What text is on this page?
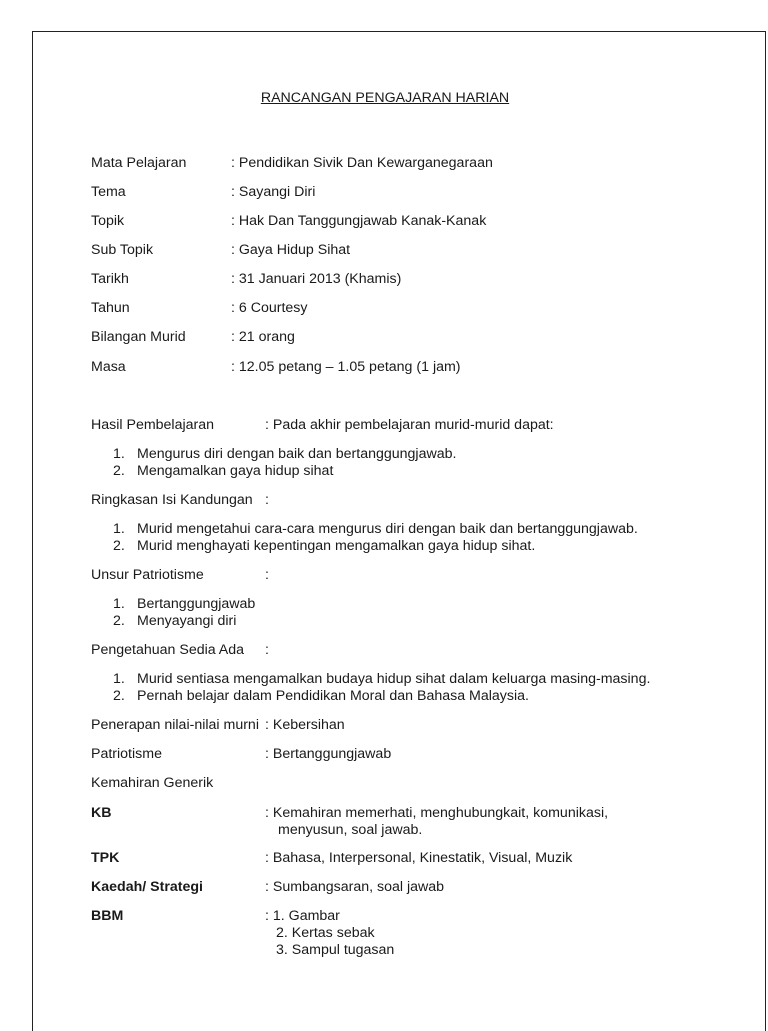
RANCANGAN PENGAJARAN HARIAN
Mata Pelajaran	: Pendidikan Sivik Dan Kewarganegaraan
Tema	: Sayangi Diri
Topik	: Hak Dan Tanggungjawab Kanak-Kanak
Sub Topik	: Gaya Hidup Sihat
Tarikh	: 31 Januari 2013 (Khamis)
Tahun	: 6 Courtesy
Bilangan Murid	: 21 orang
Masa	: 12.05 petang – 1.05 petang (1 jam)
Hasil Pembelajaran	: Pada akhir pembelajaran murid-murid dapat:
1. Mengurus diri dengan baik dan bertanggungjawab.
2. Mengamalkan gaya hidup sihat
Ringkasan Isi Kandungan :
1. Murid mengetahui cara-cara mengurus diri dengan baik dan bertanggungjawab.
2. Murid menghayati kepentingan mengamalkan gaya hidup sihat.
Unsur Patriotisme	:
1. Bertanggungjawab
2. Menyayangi diri
Pengetahuan Sedia Ada :
1. Murid sentiasa mengamalkan budaya hidup sihat dalam keluarga masing-masing.
2. Pernah belajar dalam Pendidikan Moral dan Bahasa Malaysia.
Penerapan nilai-nilai murni : Kebersihan
Patriotisme	: Bertanggungjawab
Kemahiran Generik
KB	: Kemahiran memerhati, menghubungkait, komunikasi,
menyusun, soal jawab.
TPK	: Bahasa, Interpersonal, Kinestatik, Visual, Muzik
Kaedah/ Strategi	: Sumbangsaran, soal jawab
BBM	: 1. Gambar
2. Kertas sebak
3. Sampul tugasan
